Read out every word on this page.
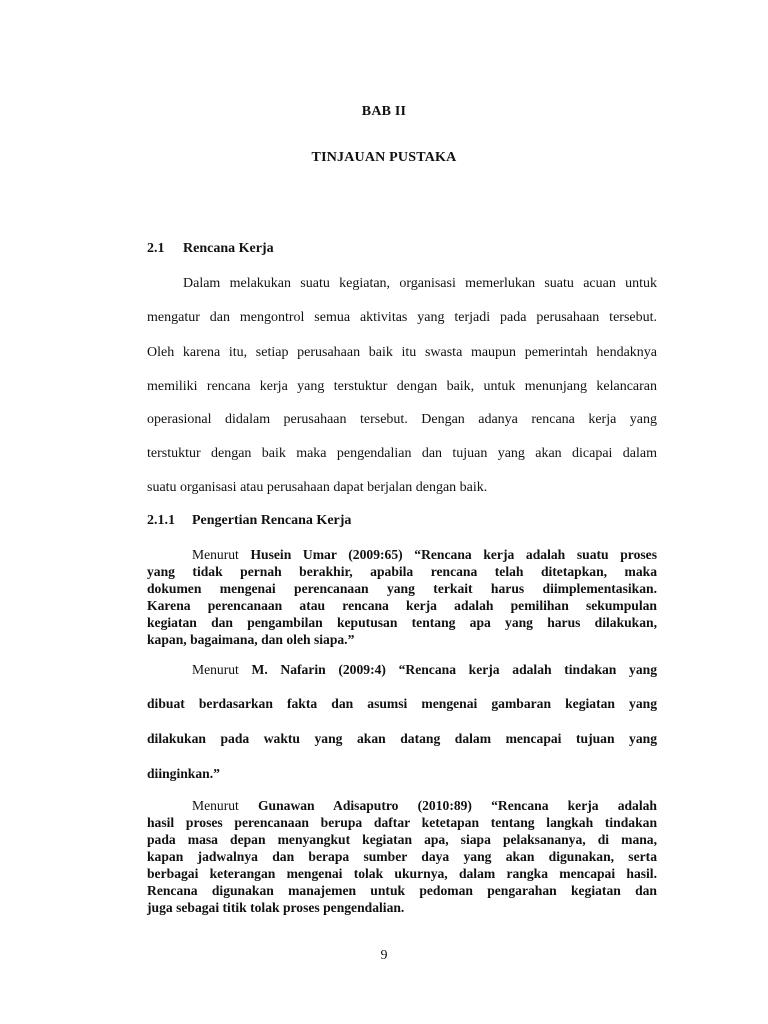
BAB II
TINJAUAN PUSTAKA
2.1 Rencana Kerja
Dalam melakukan suatu kegiatan, organisasi memerlukan suatu acuan untuk
mengatur dan mengontrol semua aktivitas yang terjadi pada perusahaan tersebut.
Oleh karena itu, setiap perusahaan baik itu swasta maupun pemerintah hendaknya
memiliki rencana kerja yang terstuktur dengan baik, untuk menunjang kelancaran
operasional didalam perusahaan tersebut. Dengan adanya rencana kerja yang
terstuktur dengan baik maka pengendalian dan tujuan yang akan dicapai dalam
suatu organisasi atau perusahaan dapat berjalan dengan baik.
2.1.1 Pengertian Rencana Kerja
Menurut Husein Umar (2009:65) “Rencana kerja adalah suatu proses
yang tidak pernah berakhir, apabila rencana telah ditetapkan, maka
dokumen mengenai perencanaan yang terkait harus diimplementasikan.
Karena perencanaan atau rencana kerja adalah pemilihan sekumpulan
kegiatan dan pengambilan keputusan tentang apa yang harus dilakukan,
kapan, bagaimana, dan oleh siapa.”
Menurut M. Nafarin (2009:4) “Rencana kerja adalah tindakan yang
dibuat berdasarkan fakta dan asumsi mengenai gambaran kegiatan yang
dilakukan pada waktu yang akan datang dalam mencapai tujuan yang
diinginkan.”
Menurut Gunawan Adisaputro (2010:89) “Rencana kerja adalah
hasil proses perencanaan berupa daftar ketetapan tentang langkah tindakan
pada masa depan menyangkut kegiatan apa, siapa pelaksananya, di mana,
kapan jadwalnya dan berapa sumber daya yang akan digunakan, serta
berbagai keterangan mengenai tolak ukurnya, dalam rangka mencapai hasil.
Rencana digunakan manajemen untuk pedoman pengarahan kegiatan dan
juga sebagai titik tolak proses pengendalian.
9
